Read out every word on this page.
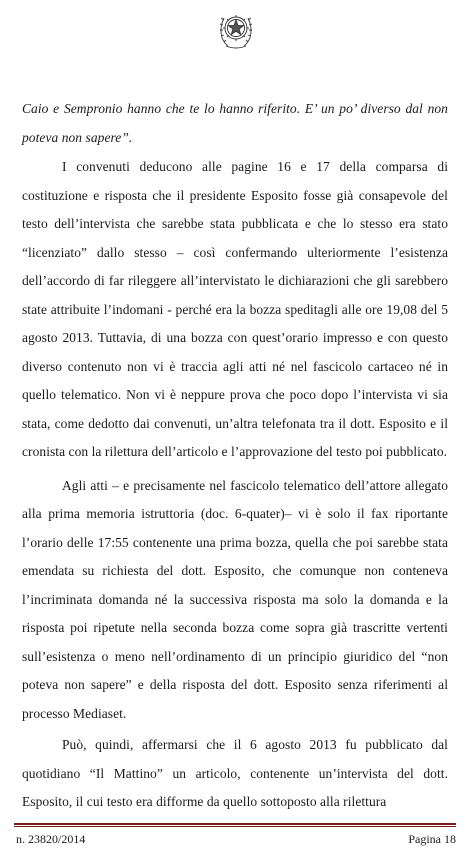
Caio e Sempronio hanno che te lo hanno riferito. E’ un po’ diverso dal non poteva non sapere”.

I convenuti deducono alle pagine 16 e 17 della comparsa di costituzione e risposta che il presidente Esposito fosse già consapevole del testo dell’intervista che sarebbe stata pubblicata e che lo stesso era stato “licenziato” dallo stesso – così confermando ulteriormente l’esistenza dell’accordo di far rileggere all’intervistato le dichiarazioni che gli sarebbero state attribuite l’indomani - perché era la bozza speditagli alle ore 19,08 del 5 agosto 2013. Tuttavia, di una bozza con quest’orario impresso e con questo diverso contenuto non vi è traccia agli atti né nel fascicolo cartaceo né in quello telematico. Non vi è neppure prova che poco dopo l’intervista vi sia stata, come dedotto dai convenuti, un’altra telefonata tra il dott. Esposito e il cronista con la rilettura dell’articolo e l’approvazione del testo poi pubblicato.

Agli atti – e precisamente nel fascicolo telematico dell’attore allegato alla prima memoria istruttoria (doc. 6-quater)– vi è solo il fax riportante l’orario delle 17:55 contenente una prima bozza, quella che poi sarebbe stata emendata su richiesta del dott. Esposito, che comunque non conteneva l’incriminata domanda né la successiva risposta ma solo la domanda e la risposta poi ripetute nella seconda bozza come sopra già trascritte vertenti sull’esistenza o meno nell’ordinamento di un principio giuridico del “non poteva non sapere” e della risposta del dott. Esposito senza riferimenti al processo Mediaset.

Può, quindi, affermarsi che il 6 agosto 2013 fu pubblicato dal quotidiano “Il Mattino” un articolo, contenente un’intervista del dott. Esposito, il cui testo era difforme da quello sottoposto alla rilettura

n. 23820/2014	Pagina 18
